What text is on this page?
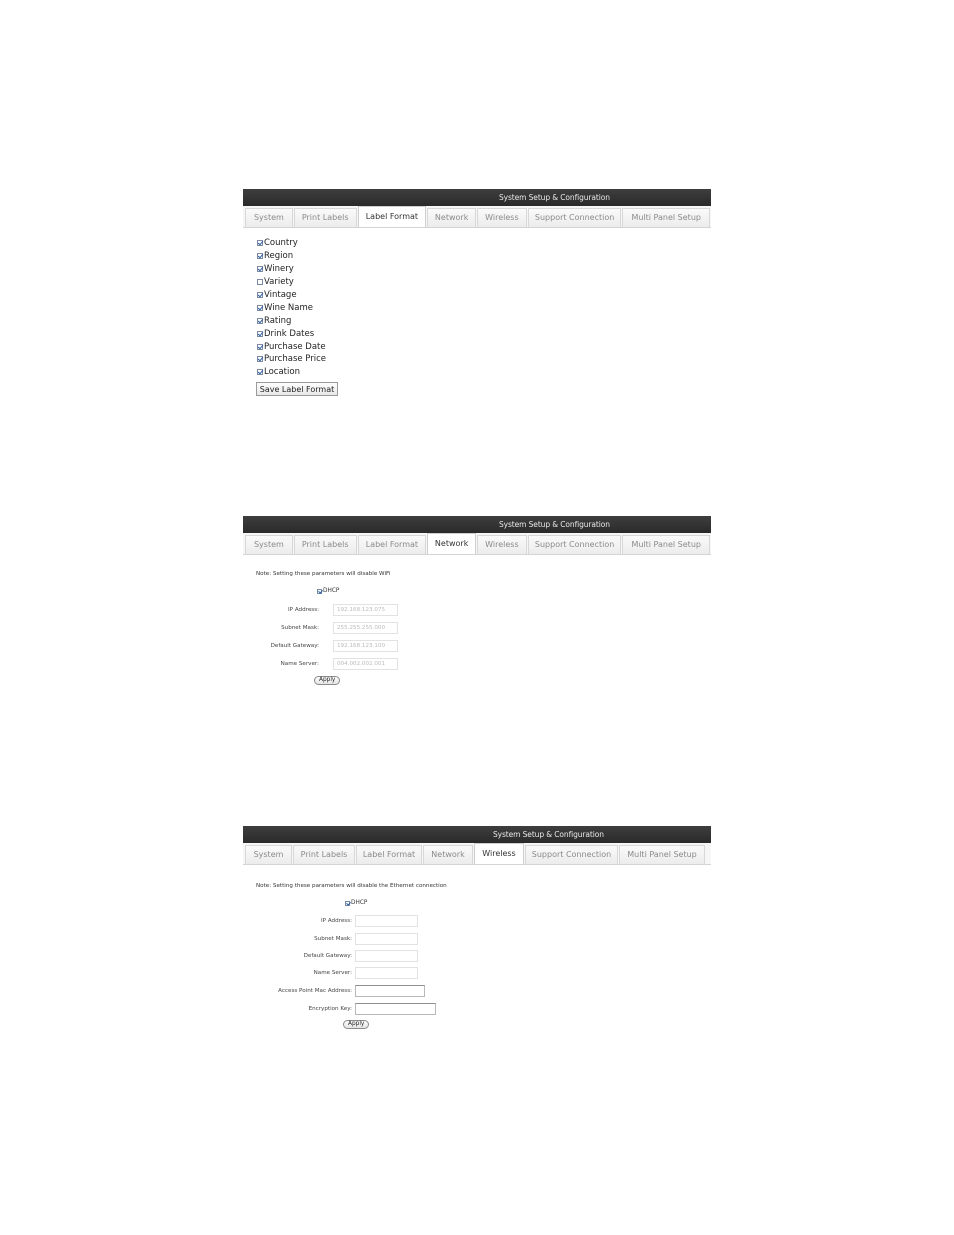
System Setup & Configuration
System	Print Labels	Label Format	Network	Wireless	Support Connection	Multi Panel Setup
Country
Region
Winery
Variety
Vintage
Wine Name
Rating
Drink Dates
Purchase Date
Purchase Price
Location
Save Label Format
System Setup & Configuration
System	Print Labels	Label Format	Network	Wireless	Support Connection	Multi Panel Setup
Note: Setting these parameters will disable WiFi
DHCP
IP Address:
192.168.123.075
Subnet Mask:
255.255.255.000
Default Gateway:
192.168.123.100
Name Server:
004.002.002.001
Apply
System Setup & Configuration
System	Print Labels	Label Format	Network	Wireless	Support Connection	Multi Panel Setup
Note: Setting these parameters will disable the Ethernet connection
DHCP
IP Address:
Subnet Mask:
Default Gateway:
Name Server:
Access Point Mac Address:
Encryption Key:
Apply
